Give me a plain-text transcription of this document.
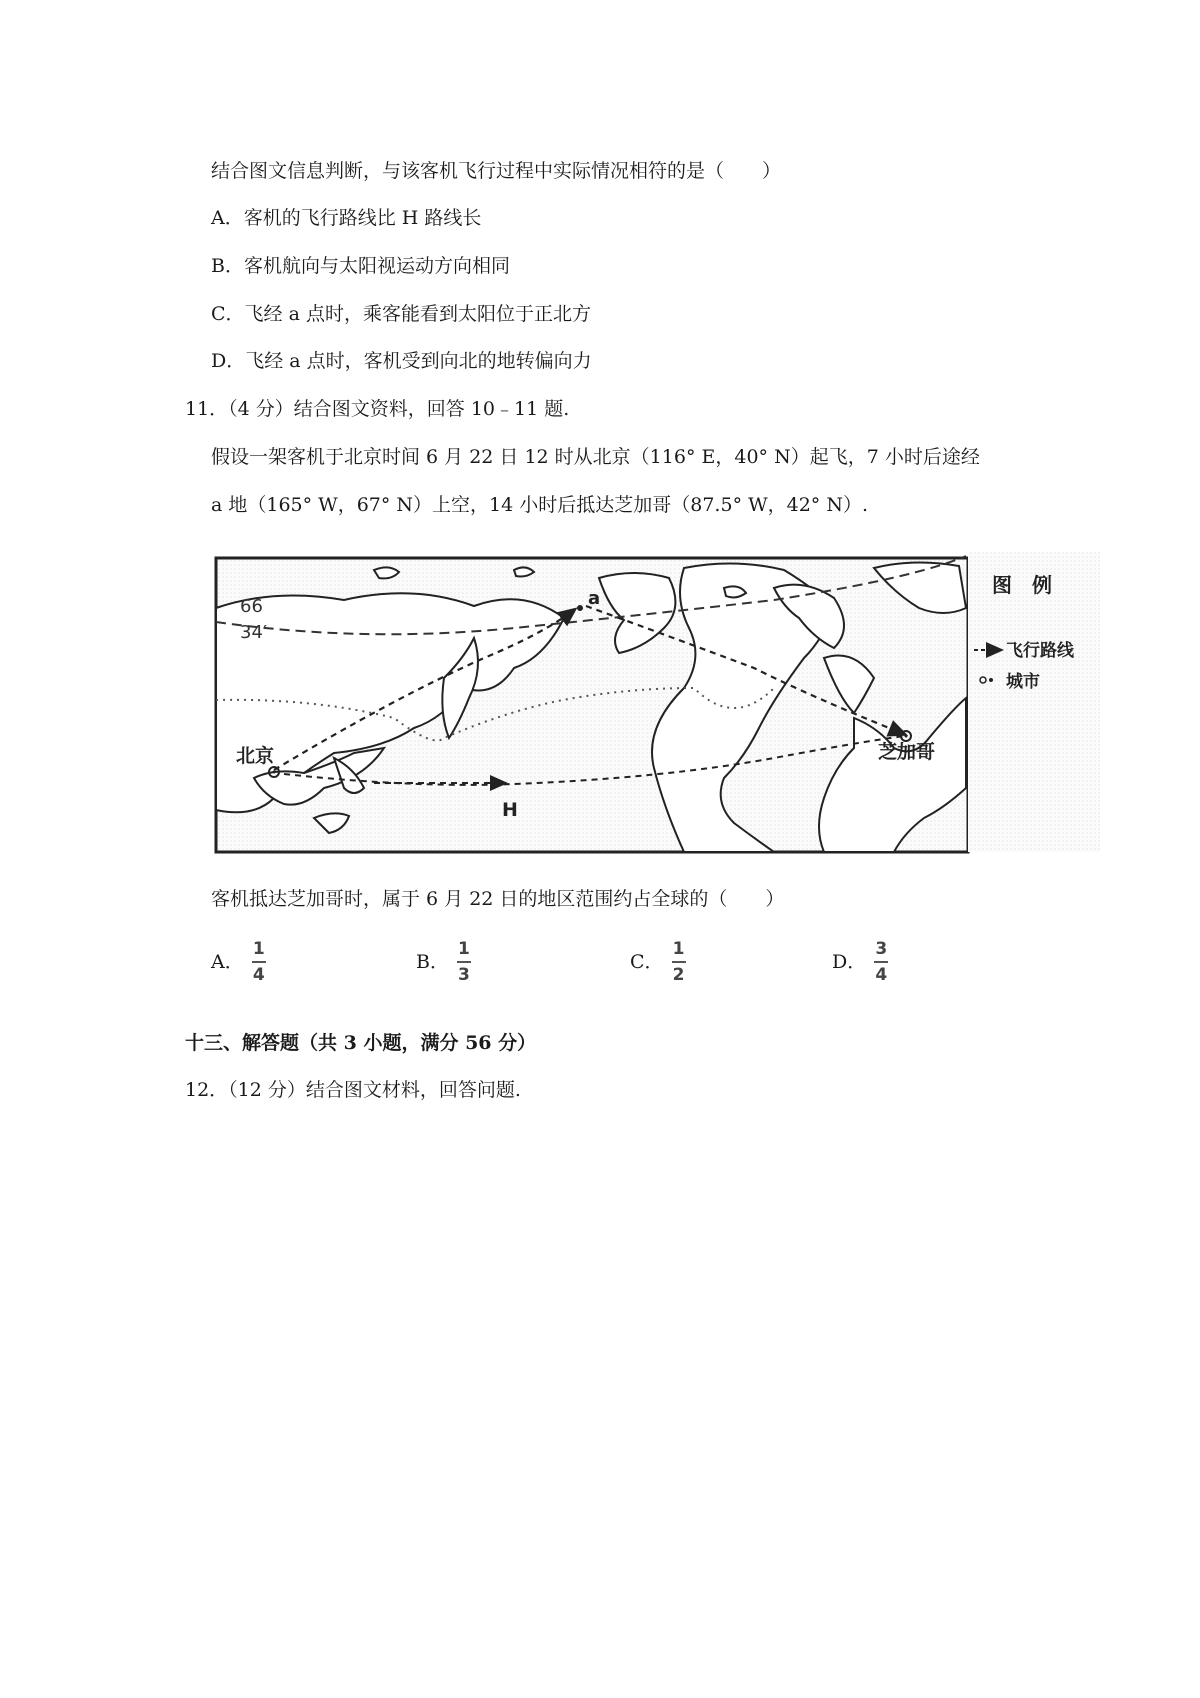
结合图文信息判断，与该客机飞行过程中实际情况相符的是（　　）
A．客机的飞行路线比 H 路线长
B．客机航向与太阳视运动方向相同
C．飞经 a 点时，乘客能看到太阳位于正北方
D．飞经 a 点时，客机受到向北的地转偏向力
11．（4 分）结合图文资料，回答 10﹣11 题.
假设一架客机于北京时间 6 月 22 日 12 时从北京（116° E，40° N）起飞，7 小时后途经
a 地（165° W，67° N）上空，14 小时后抵达芝加哥（87.5° W，42° N）.
66
34′
a
北京	芝加哥
H
图　例
飞行路线
城市
客机抵达芝加哥时，属于 6 月 22 日的地区范围约占全球的（　　）
A． $\frac{1}{4}$	B． $\frac{1}{3}$	C． $\frac{1}{2}$	D． $\frac{3}{4}$
十三、解答题（共 3 小题，满分 56 分）
12．（12 分）结合图文材料，回答问题.
